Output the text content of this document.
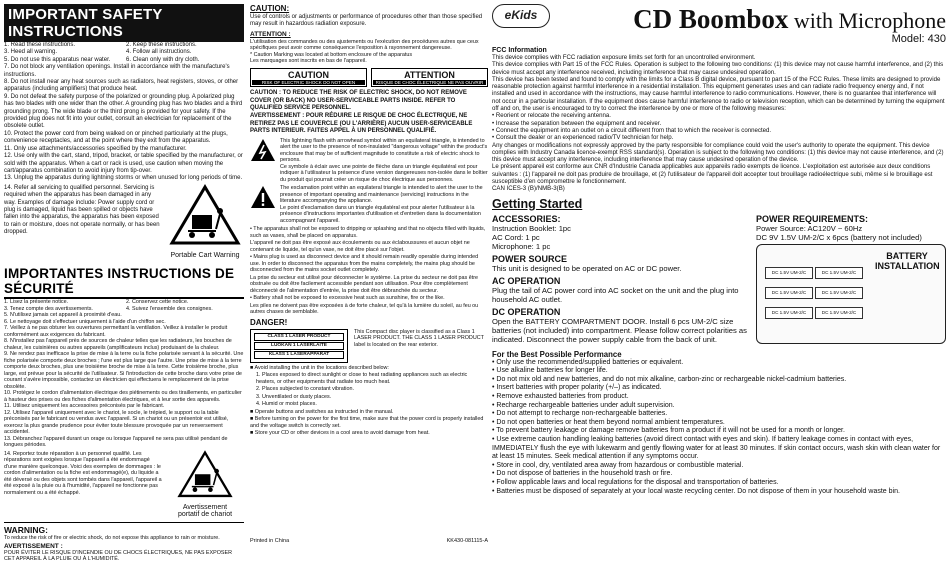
IMPORTANT SAFETY INSTRUCTIONS
1. Read these instructions.	2. Keep these instructions.
3. Heed all warning.	4. Follow all instructions.
5. Do not use this apparatus near water.	6. Clean only with dry cloth.
7. Do not block any ventilation openings. Install in accordance with the manufacture's instructions.
8. Do not install near any heat sources such as radiators, heat registers, stoves, or other apparatus (including amplifiers) that produce heat.
9. Do not defeat the safety purpose of the polarized or grounding plug. A polarized plug has two blades with one wider than the other. A grounding plug has two blades and a third grounding prong. The wide blade or the third prong is provided for your safety. If the provided plug does not fit into your outlet, consult an electrician for replacement of the obsolete outlet.
10. Protect the power cord from being walked on or pinched particularly at the plugs, convenience receptacles, and at the point where they exit from the apparatus.
11. Only use attachments/accessories specified by the manufacturer.
12. Use only with the cart, stand, tripod, bracket, or table specified by the manufacturer, or sold with the apparatus. When a cart or rack is used, use caution when moving the cart/apparatus combination to avoid injury from tip-over.
13. Unplug the apparatus during lightning storms or when unused for long periods of time.
14. Refer all servicing to qualified personnel. Servicing is required when the apparatus has been damaged in any way. Examples of damage include: Power supply cord or plug is damaged, liquid has been spilled or objects have fallen into the apparatus, the apparatus has been exposed to rain or moisture, does not operate normally, or has been dropped.
Portable Cart Warning
IMPORTANTES INSTRUCTIONS DE SÉCURITÉ
1. Lisez la présente notice.	2. Conservez cette notice.
3. Tenez compte des avertissements.	4. Suivez l'ensemble des consignes.
5. N'utilisez jamais cet appareil à proximité d'eau.
6. Le nettoyage doit s'effectuer uniquement à l'aide d'un chiffon sec.
7. Veillez à ne pas obturer les ouvertures permettant la ventilation. Veillez à installer le produit conformément aux exigences du fabricant.
8. N'installez pas l'appareil près de sources de chaleur telles que les radiateurs, les bouches de chaleur, les cuisinières ou autres appareils (amplificateurs inclus) produisant de la chaleur.
9. Ne rendez pas inefficace la prise de mise à la terre ou la fiche polarisée servant à la sécurité. Une fiche polarisée comporte deux broches ; l'une est plus large que l'autre. Une prise de mise à la terre comporte deux broches, plus une troisième broche de mise à la terre. Cette troisième broche, plus large, est prévue pour la sécurité de l'utilisateur. Si l'introduction de cette broche dans votre prise de courant s'avère impossible, contactez un électricien qui effectuera le remplacement de la prise obsolète.
10. Protégez le cordon d'alimentation électrique des piétinements ou des tiraillements, en particulier à hauteur des prises ou des fiches d'alimentation électriques, et à leur sortie des appareils.
11. Utilisez uniquement les accessoires préconisés par le fabricant.
12. Utilisez l'appareil uniquement avec le chariot, le socle, le trépied, le support ou la table préconisés par le fabricant ou vendus avec l'appareil. Si un chariot ou un présentoir est utilisé, exercez la plus grande prudence pour éviter toute blessure provoquée par un renversement accidentel.
13. Débranchez l'appareil durant un orage ou lorsque l'appareil ne sera pas utilisé pendant de longues périodes.
14. Reportez toute réparation à un personnel qualifié. Les réparations sont exigées lorsque l'appareil a été endommagé d'une manière quelconque. Voici des exemples de dommages : le cordon d'alimentation ou la fiche est endommagé(e), du liquide a été déversé ou des objets sont tombés dans l'appareil, l'appareil a été exposé à la pluie ou à l'humidité, l'appareil ne fonctionne pas normalement ou a été échappé.
Avertissement
portatif de chariot
WARNING:
To reduce the risk of fire or electric shock, do not expose this appliance to rain or moisture.
AVERTISSEMENT :
POUR ÉVITER LE RISQUE D'INCENDIE OU DE CHOCS ÉLECTRIQUES, NE PAS EXPOSER CET APPAREIL À LA PLUIE OU À L'HUMIDITÉ.
CAUTION:
Use of controls or adjustments or performance of procedures other than those specified may result in hazardous radiation exposure.
ATTENTION :
L'utilisation des commandes ou des ajustements ou l'exécution des procédures autres que ceux spécifiques peut avoir comme conséquence l'exposition à rayonnement dangereuse.
* Caution Marking was located at bottom enclosure of the apparatus
Les marquages sont inscrits en bas de l'appareil.
CAUTION
RISK OF ELECTRIC SHOCK DO NOT OPEN
ATTENTION
RISQUE DE CHOC ÉLECTRIQUE NE PAS OUVRIR
CAUTION : TO REDUCE THE RISK OF ELECTRIC SHOCK, DO NOT REMOVE COVER (OR BACK) NO USER-SERVICEABLE PARTS INSIDE. REFER TO QUALIFIED SERVICE PERSONNEL.
AVERTISSEMENT : POUR RÉDUIRE LE RISQUE DE CHOC ÉLECTRIQUE, NE RETIREZ PAS LE COUVERCLE (OU L'ARRIÈRE) AUCUN USER-SERVICEABLE PARTS INTERIEUR. FAITES APPEL À UN PERSONNEL QUALIFIÉ.
This lightning flash with arrowhead symbol within an equilateral triangle, is intended to alert the user to the presence of non-insulated "dangerous voltage" within the product's enclosure that may be of sufficient magnitude to constitute a risk of electric shock to persons.
Ce symbole à éclair avec une pointe de flèche dans un triangle équilatéral est pour indiquer à l'utilisateur la présence d'une version dangereuses non-isolée dans le boîtier du produit qui pourrait créer un risque de choc électrique aux personnes.
The exclamation point within an equilateral triangle is intended to alert the user to the presence of important operating and maintenance (servicing) instructions in the literature accompanying the appliance.
Le point d'exclamation dans un triangle équilatéral est pour alerter l'utilisateur à la présence d'instructions importantes d'utilisation et d'entretien dans la documentation accompagnant l'appareil.
• The apparatus shall not be exposed to dripping or splashing and that no objects filled with liquids, such as vases, shall be placed on apparatus.
L'appareil ne doit pas être exposé aux écoulements ou aux éclaboussures et aucun objet ne contenant de liquide, tel qu'un vase, ne doit être placé sur l'objet.
• Mains plug is used as disconnect device and it should remain readily operable during intended use. In order to disconnect the apparatus from the mains completely, the mains plug should be disconnected from the mains socket outlet completely.
La prise du secteur est utilisé pour déconnecter le système. La prise du secteur ne doit pas être obstruée ou doit être facilement accessible pendant son utilisation. Pour être complètement déconnecté de l'alimentation d'entrée, la prise doit être débranchée du secteur.
• Battery shall not be exposed to excessive heat such as sunshine, fire or the like.
Les piles ne doivent pas être exposées à de forte chaleur, tel qu'à la lumière du soleil, au feu ou autres chases de semblable.
DANGER!
CLASS 1 LASER PRODUCT
LUOKAN 1 LASERLAITE
KLASS 1 LASERAPPARAT
This Compact disc player is classified as a Class 1 LASER PRODUCT. THE CLASS 1 LASER PRODUCT label is located on the rear exterior.
■ Avoid installing the unit in the locations described below:
1. Places exposed to direct sunlight or close to heat radiating appliances such as electric heaters, or other equipments that radiate too much heat.
2. Places subjected to constant vibration.
3. Unventilated or dusty places.
4. Humid or moist places.
■ Operate buttons and switches as instructed in the manual.
■ Before turning on the power for the first time, make sure that the power cord is properly installed and the voltage switch is correctly set.
■ Store your CD or other devices in a cool area to avoid damage from heat.
Printed in China	KK430-081115-A
eKids	CD Boombox with Microphone
Model: 430
FCC Information
This device complies with FCC radiation exposure limits set forth for an uncontrolled environment.
This device complies with Part 15 of the FCC Rules. Operation is subject to the following two conditions: (1) this device may not cause harmful interference, and (2) this device must accept any interference received, including interference that may cause undesired operation.
This device has been tested and found to comply with the limits for a Class B digital device, pursuant to part 15 of the FCC Rules. These limits are designed to provide reasonable protection against harmful interference in a residential installation. This equipment generates uses and can radiate radio frequency energy and, if not installed and used in accordance with the instructions, may cause harmful interference to radio communications. However, there is no guarantee that interference will not occur in a particular installation. If the equipment does cause harmful interference to radio or television reception, which can be determined by turning the equipment off and on, the user is encouraged to try to correct the interference by one or more of the following measures:
• Reorient or relocate the receiving antenna.
• Increase the separation between the equipment and receiver.
• Connect the equipment into an outlet on a circuit different from that to which the receiver is connected.
• Consult the dealer or an experienced radio/TV technician for help.
Any changes or modifications not expressly approved by the party responsible for compliance could void the user's authority to operate the equipment. This device complies with Industry Canada licence-exempt RSS standard(s). Operation is subject to the following two conditions: (1) this device may not cause interference, and (2) this device must accept any interference, including interference that may cause undesired operation of the device.
Le présent appareil est conforme aux CNR d'Industrie Canada applicables aux appareils radio exempts de licence. L'exploitation est autorisée aux deux conditions suivantes : (1) l'appareil ne doit pas produire de brouillage, et (2) l'utilisateur de l'appareil doit accepter tout brouillage radioélectrique subi, même si le brouillage est susceptible d'en compromettre le fonctionnement.
CAN ICES-3 (B)/NMB-3(B)
Getting Started
ACCESSORIES:
Instruction Booklet: 1pc
AC Cord: 1 pc
Microphone: 1 pc
POWER SOURCE
This unit is designed to be operated on AC or DC power.
AC OPERATION
Plug the tail of AC power cord into AC socket on the unit and the plug into household AC outlet.
DC OPERATION
Open the BATTERY COMPARTMENT DOOR. Install 6 pcs UM-2/C size batteries (not included) into compartment. Please follow correct polarities as indicated. Disconnect the power supply cable from the back of unit.
POWER REQUIREMENTS:
Power Source: AC120V ~ 60Hz
DC 9V 1.5V UM-2/C x 6pcs (battery not included)
BATTERY INSTALLATION
DC 1.5V UM-2/C	DC 1.5V UM-2/C
DC 1.5V UM-2/C	DC 1.5V UM-2/C
DC 1.5V UM-2/C	DC 1.5V UM-2/C
For the Best Possible Performance
• Only use the recommended/supplied batteries or equivalent.
• Use alkaline batteries for longer life.
• Do not mix old and new batteries, and do not mix alkaline, carbon-zinc or rechargeable nickel-cadmium batteries.
• Insert batteries with proper polarity (+/–) as indicated.
• Remove exhausted batteries from product.
• Recharge rechargeable batteries under adult supervision.
• Do not attempt to recharge non-rechargeable batteries.
• Do not open batteries or heat them beyond normal ambient temperatures.
• To prevent battery leakage or damage remove batteries from a product if it will not be used for a month or longer.
• Use extreme caution handling leaking batteries (avoid direct contact with eyes and skin). If battery leakage comes in contact with eyes, IMMEDIATELY flush the eye with lukewarm and gently flowing water for at least 30 minutes. If skin contact occurs, wash skin with clean water for at least 15 minutes. Seek medical attention if any symptoms occur.
• Store in cool, dry, ventilated area away from hazardous or combustible material.
• Do not dispose of batteries in the household trash or fire.
• Follow applicable laws and local regulations for the disposal and transportation of batteries.
• Batteries must be disposed of separately at your local waste recycling center. Do not dispose of them in your household waste bin.
